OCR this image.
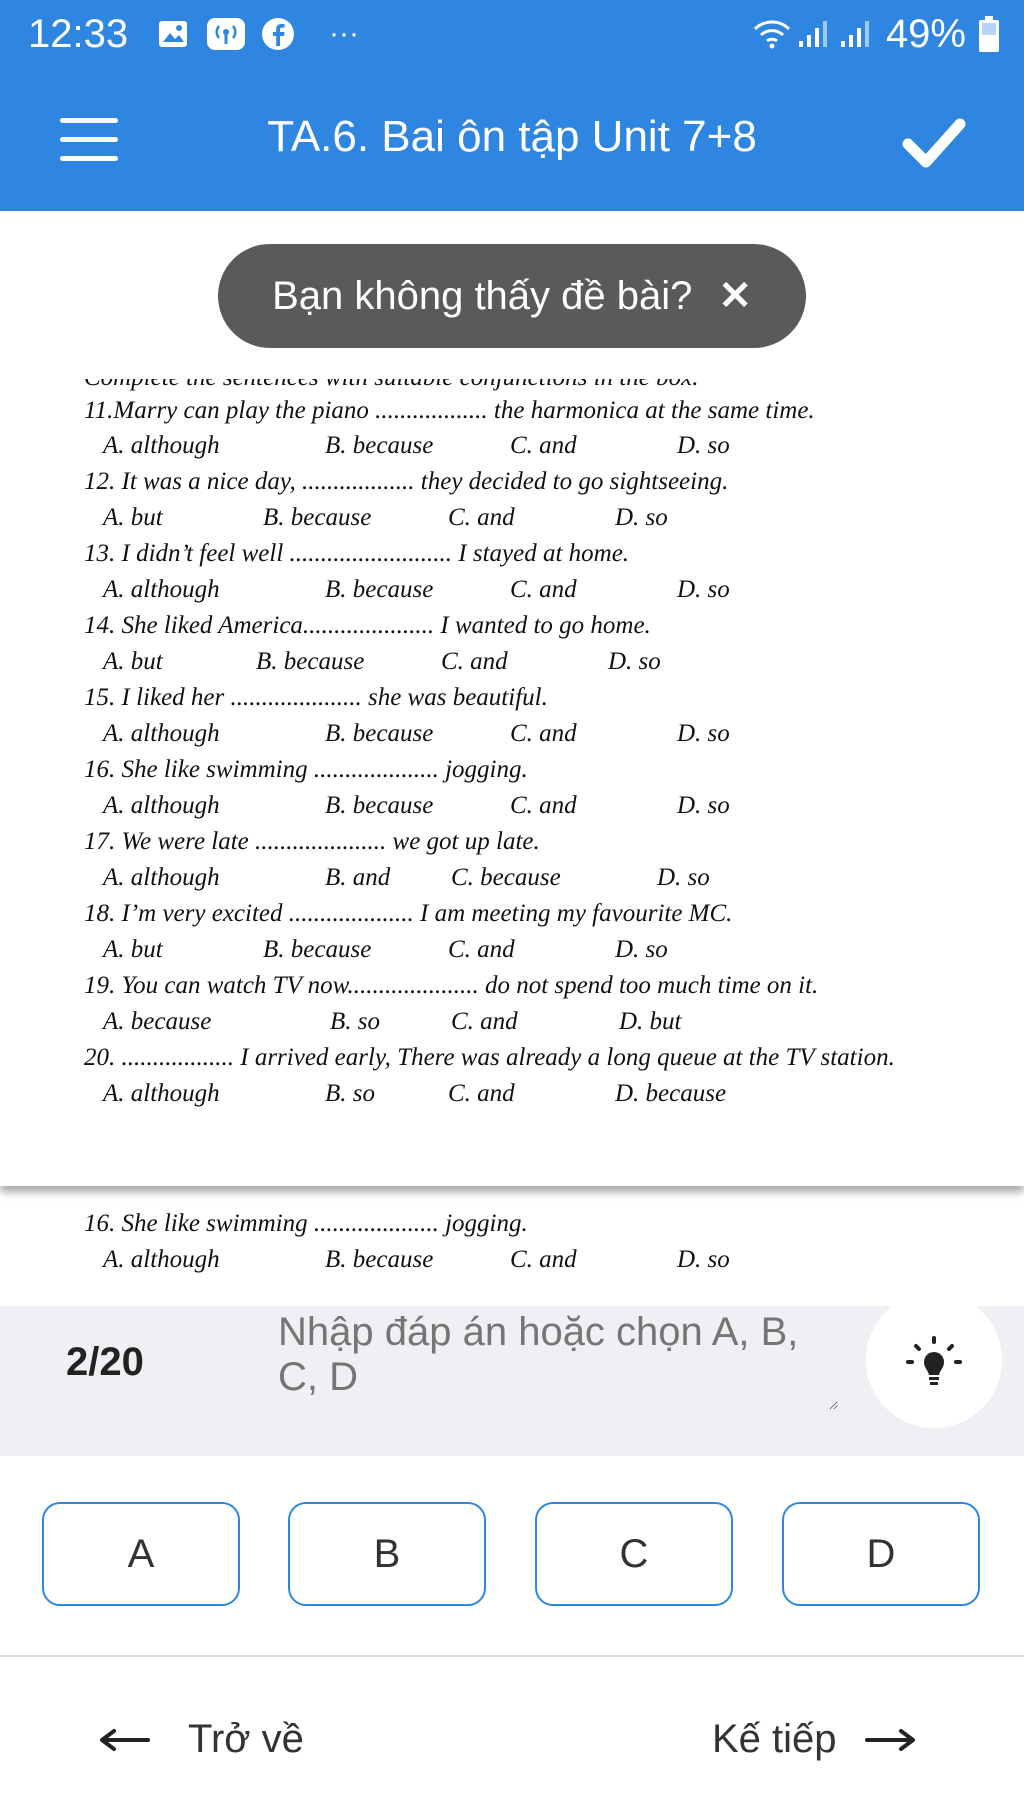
12:33	···	49%
TA.6. Bai ôn tập Unit 7+8
11.Marry can play the piano .................. the harmonica at the same time.
A. although	B. because	C. and	D. so
12. It was a nice day, .................. they decided to go sightseeing.
A. but	B. because	C. and	D. so
13. I didn’t feel well .......................... I stayed at home.
A. although	B. because	C. and	D. so
14. She liked America..................... I wanted to go home.
A. but	B. because	C. and	D. so
15. I liked her ..................... she was beautiful.
A. although	B. because	C. and	D. so
16. She like swimming .................... jogging.
A. although	B. because	C. and	D. so
17. We were late ..................... we got up late.
A. although	B. and C. because	D. so
18. I’m very excited .................... I am meeting my favourite MC.
A. but	B. because	C. and	D. so
19. You can watch TV now..................... do not spend too much time on it.
A. because	B. so	C. and	D. but
20. .................. I arrived early, There was already a long queue at the TV station.
A. although	B. so	C. and	D. because
16. She like swimming .................... jogging.
A. although	B. because	C. and	D. so
Bạn không thấy đề bài? ✕
2/20
Nhập đáp án hoặc chọn A, B, C, D
A	B	C	D
Trở về	Kế tiếp
